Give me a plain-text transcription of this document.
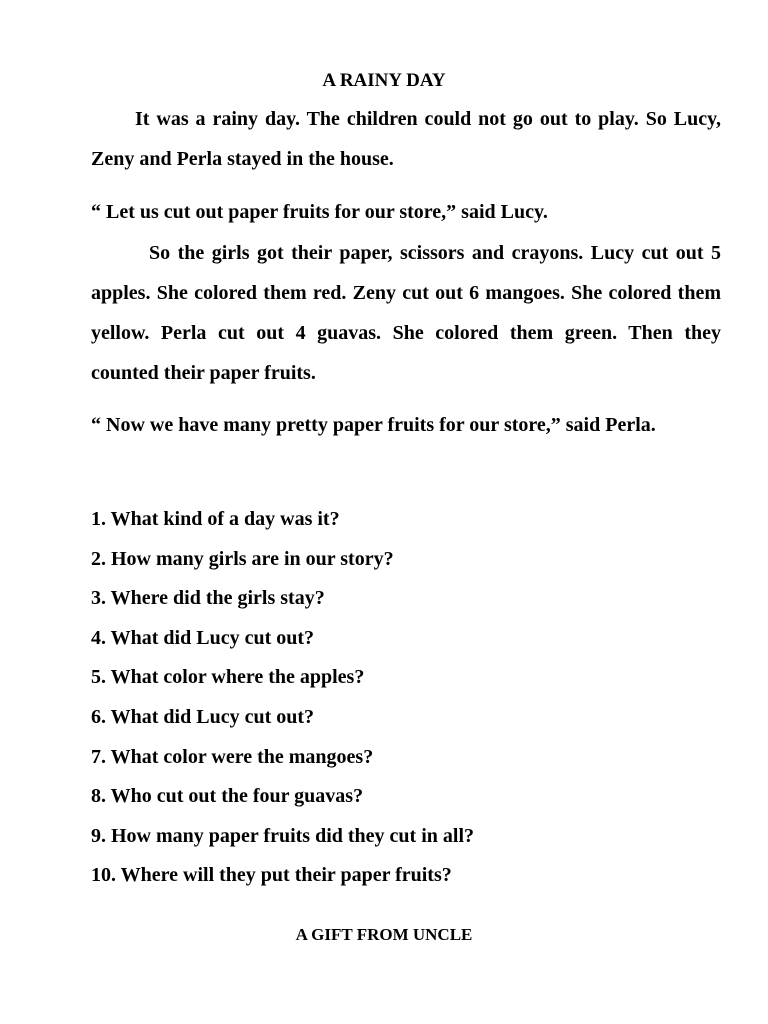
A RAINY DAY

It was a rainy day. The children could not go out to play. So Lucy, Zeny and Perla stayed in the house.

“ Let us cut out paper fruits for our store,” said Lucy.

So the girls got their paper, scissors and crayons. Lucy cut out 5 apples. She colored them red. Zeny cut out 6 mangoes. She colored them yellow. Perla cut out 4 guavas. She colored them green. Then they counted their paper fruits.

“ Now we have many pretty paper fruits for our store,” said Perla.

1. What kind of a day was it?
2. How many girls are in our story?
3. Where did the girls stay?
4. What did Lucy cut out?
5. What color where the apples?
6. What did Lucy cut out?
7. What color were the mangoes?
8. Who cut out the four guavas?
9. How many paper fruits did they cut in all?
10. Where will they put their paper fruits?
A GIFT FROM UNCLE
